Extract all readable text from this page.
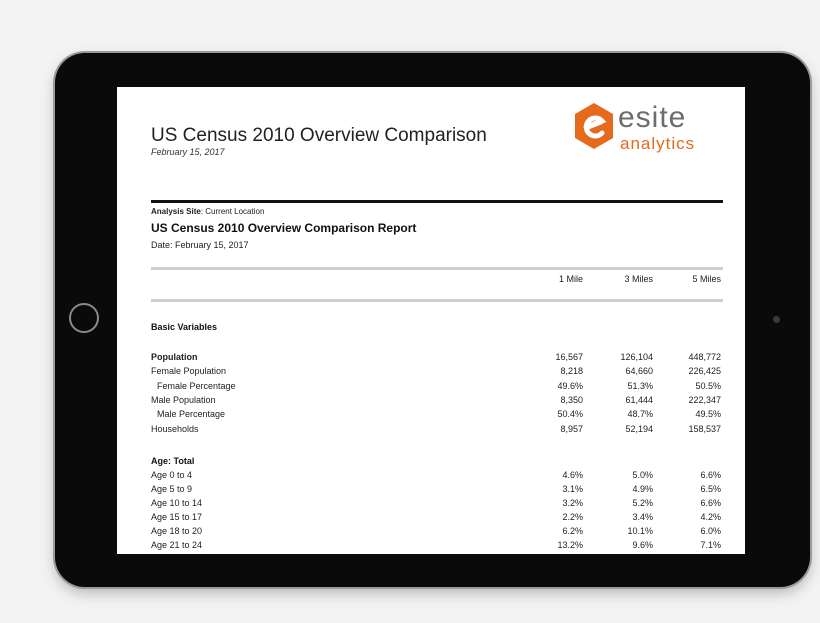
US Census 2010 Overview Comparison
February 15, 2017
esite
analytics
Analysis Site: Current Location
US Census 2010 Overview Comparison Report
Date: February 15, 2017
1 Mile	3 Miles	5 Miles
Basic Variables
Population	16,567	126,104	448,772
Female Population	8,218	64,660	226,425
Female Percentage	49.6%	51.3%	50.5%
Male Population	8,350	61,444	222,347
Male Percentage	50.4%	48.7%	49.5%
Households	8,957	52,194	158,537
Age: Total
Age 0 to 4	4.6%	5.0%	6.6%
Age 5 to 9	3.1%	4.9%	6.5%
Age 10 to 14	3.2%	5.2%	6.6%
Age 15 to 17	2.2%	3.4%	4.2%
Age 18 to 20	6.2%	10.1%	6.0%
Age 21 to 24	13.2%	9.6%	7.1%
